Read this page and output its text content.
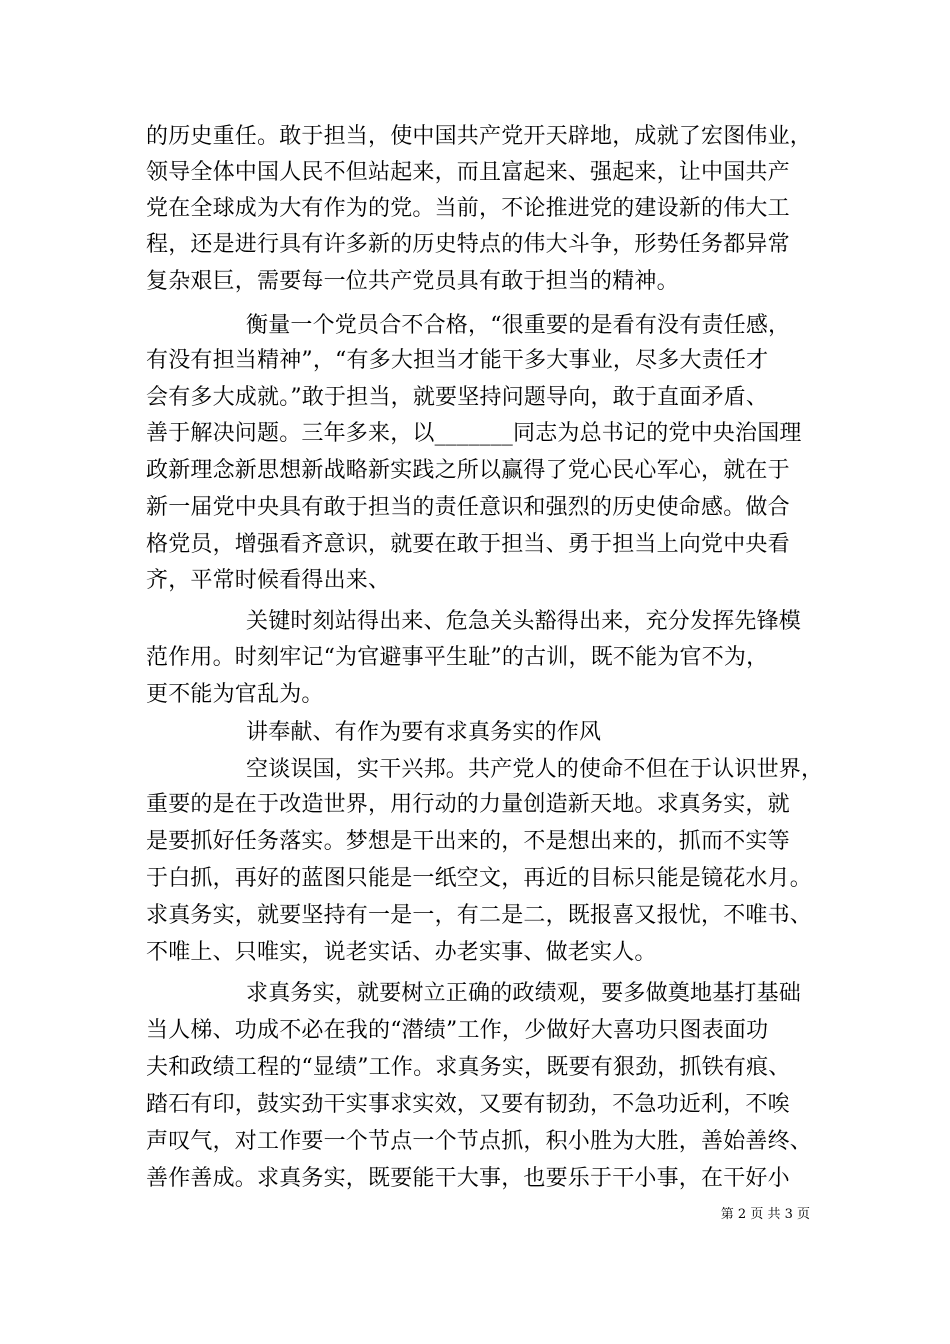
的历史重任。敢于担当，使中国共产党开天辟地，成就了宏图伟业，
领导全体中国人民不但站起来，而且富起来、强起来，让中国共产
党在全球成为大有作为的党。当前，不论推进党的建设新的伟大工
程，还是进行具有许多新的历史特点的伟大斗争，形势任务都异常
复杂艰巨，需要每一位共产党员具有敢于担当的精神。
衡量一个党员合不合格，“很重要的是看有没有责任感，
有没有担当精神”，“有多大担当才能干多大事业，尽多大责任才
会有多大成就。”敢于担当，就要坚持问题导向，敢于直面矛盾、
善于解决问题。三年多来，以_______同志为总书记的党中央治国理
政新理念新思想新战略新实践之所以赢得了党心民心军心，就在于
新一届党中央具有敢于担当的责任意识和强烈的历史使命感。做合
格党员，增强看齐意识，就要在敢于担当、勇于担当上向党中央看
齐，平常时候看得出来、
关键时刻站得出来、危急关头豁得出来，充分发挥先锋模
范作用。时刻牢记“为官避事平生耻”的古训，既不能为官不为，
更不能为官乱为。
讲奉献、有作为要有求真务实的作风
空谈误国，实干兴邦。共产党人的使命不但在于认识世界，
重要的是在于改造世界，用行动的力量创造新天地。求真务实，就
是要抓好任务落实。梦想是干出来的，不是想出来的，抓而不实等
于白抓，再好的蓝图只能是一纸空文，再近的目标只能是镜花水月。
求真务实，就要坚持有一是一，有二是二，既报喜又报忧，不唯书、
不唯上、只唯实，说老实话、办老实事、做老实人。
求真务实，就要树立正确的政绩观，要多做奠地基打基础
当人梯、功成不必在我的“潜绩”工作，少做好大喜功只图表面功
夫和政绩工程的“显绩”工作。求真务实，既要有狠劲，抓铁有痕、
踏石有印，鼓实劲干实事求实效，又要有韧劲，不急功近利，不唉
声叹气，对工作要一个节点一个节点抓，积小胜为大胜，善始善终、
善作善成。求真务实，既要能干大事，也要乐于干小事，在干好小
第 2 页 共 3 页
